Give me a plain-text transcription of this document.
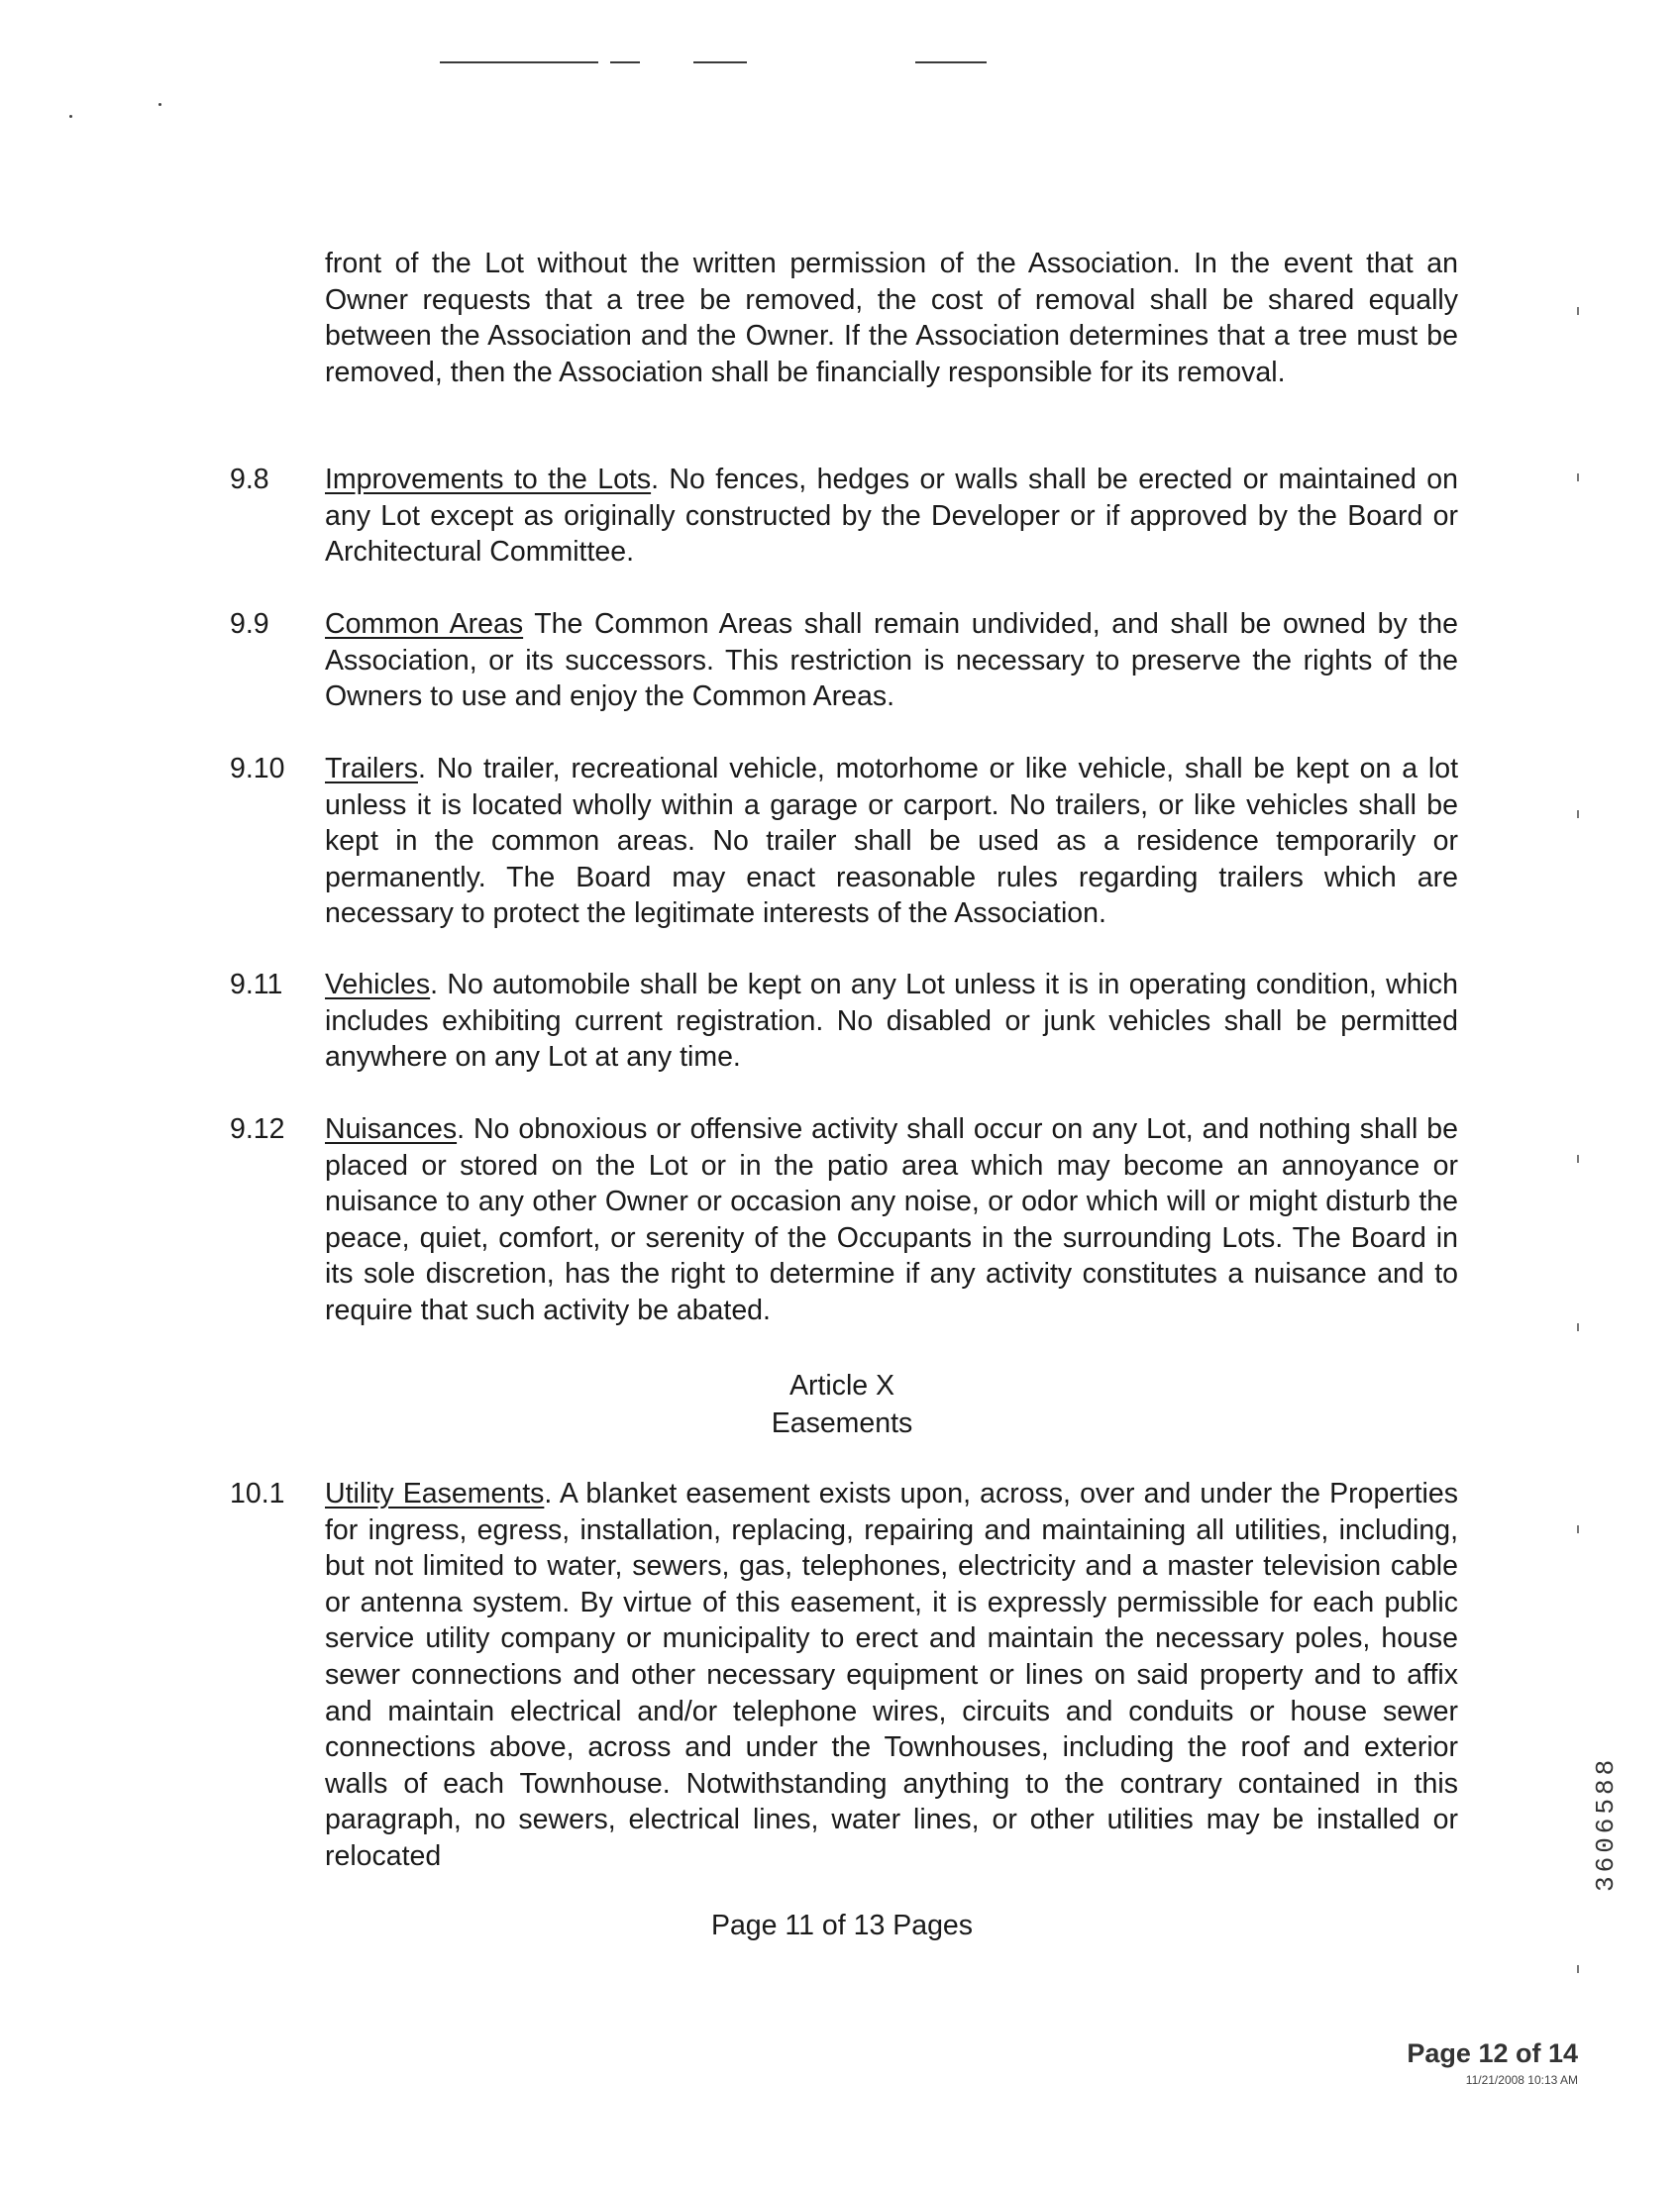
front of the Lot without the written permission of the Association. In the event that an Owner requests that a tree be removed, the cost of removal shall be shared equally between the Association and the Owner. If the Association determines that a tree must be removed, then the Association shall be financially responsible for its removal.
9.8	Improvements to the Lots. No fences, hedges or walls shall be erected or maintained on any Lot except as originally constructed by the Developer or if approved by the Board or Architectural Committee.
9.9	Common Areas The Common Areas shall remain undivided, and shall be owned by the Association, or its successors. This restriction is necessary to preserve the rights of the Owners to use and enjoy the Common Areas.
9.10	Trailers. No trailer, recreational vehicle, motorhome or like vehicle, shall be kept on a lot unless it is located wholly within a garage or carport. No trailers, or like vehicles shall be kept in the common areas. No trailer shall be used as a residence temporarily or permanently. The Board may enact reasonable rules regarding trailers which are necessary to protect the legitimate interests of the Association.
9.11	Vehicles. No automobile shall be kept on any Lot unless it is in operating condition, which includes exhibiting current registration. No disabled or junk vehicles shall be permitted anywhere on any Lot at any time.
9.12	Nuisances. No obnoxious or offensive activity shall occur on any Lot, and nothing shall be placed or stored on the Lot or in the patio area which may become an annoyance or nuisance to any other Owner or occasion any noise, or odor which will or might disturb the peace, quiet, comfort, or serenity of the Occupants in the surrounding Lots. The Board in its sole discretion, has the right to determine if any activity constitutes a nuisance and to require that such activity be abated.
Article X
Easements
10.1	Utility Easements. A blanket easement exists upon, across, over and under the Properties for ingress, egress, installation, replacing, repairing and maintaining all utilities, including, but not limited to water, sewers, gas, telephones, electricity and a master television cable or antenna system. By virtue of this easement, it is expressly permissible for each public service utility company or municipality to erect and maintain the necessary poles, house sewer connections and other necessary equipment or lines on said property and to affix and maintain electrical and/or telephone wires, circuits and conduits or house sewer connections above, across and under the Townhouses, including the roof and exterior walls of each Townhouse. Notwithstanding anything to the contrary contained in this paragraph, no sewers, electrical lines, water lines, or other utilities may be installed or relocated	3606588
Page 11 of 13 Pages
Page 12 of 14
11/21/2008 10:13 AM
